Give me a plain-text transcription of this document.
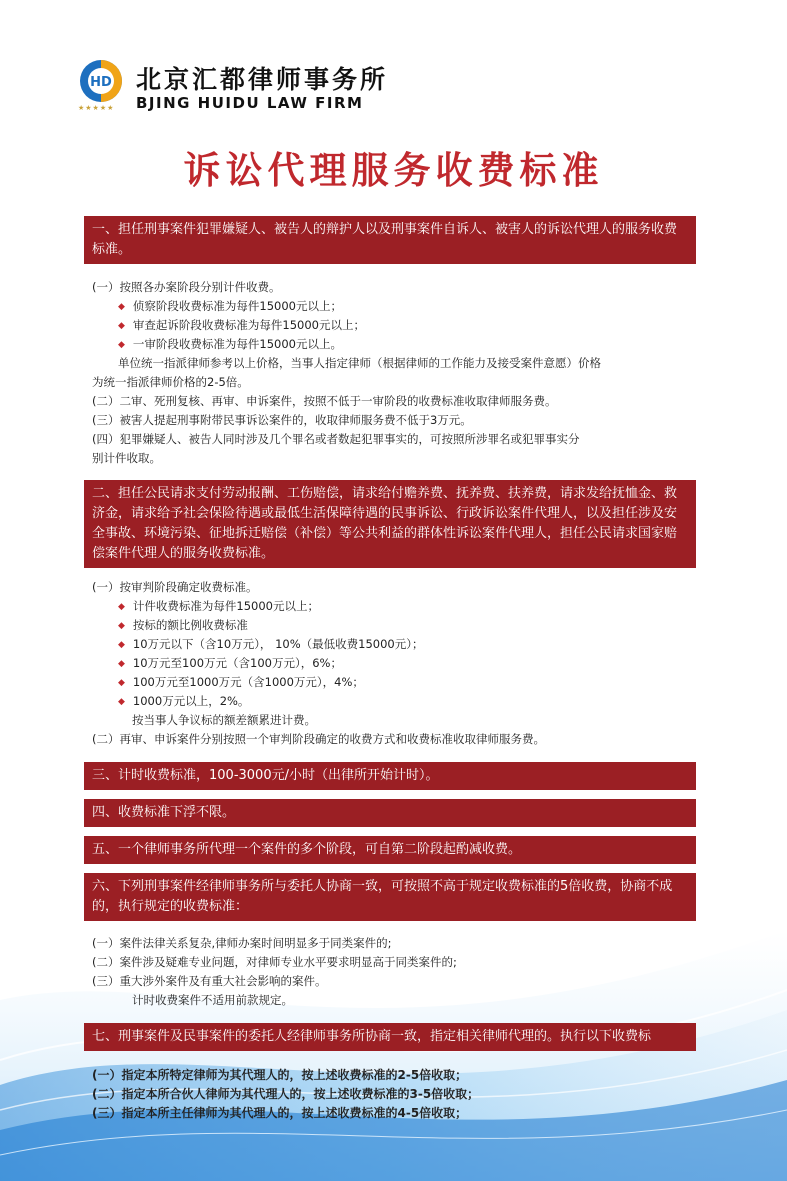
HD
★★★★★
北京汇都律师事务所
BJING HUIDU LAW FIRM
诉讼代理服务收费标准
一、担任刑事案件犯罪嫌疑人、被告人的辩护人以及刑事案件自诉人、被害人的诉讼代理人的服务收费标准。
(一）按照各办案阶段分别计件收费。
◆ 侦察阶段收费标准为每件15000元以上；
◆ 审查起诉阶段收费标准为每件15000元以上；
◆ 一审阶段收费标准为每件15000元以上。
单位统一指派律师参考以上价格，当事人指定律师（根据律师的工作能力及接受案件意愿）价格
为统一指派律师价格的2-5倍。
(二）二审、死刑复核、再审、申诉案件，按照不低于一审阶段的收费标准收取律师服务费。
(三）被害人提起刑事附带民事诉讼案件的，收取律师服务费不低于3万元。
(四）犯罪嫌疑人、被告人同时涉及几个罪名或者数起犯罪事实的，可按照所涉罪名或犯罪事实分
别计件收取。
二、担任公民请求支付劳动报酬、工伤赔偿，请求给付赡养费、抚养费、扶养费，请求发给抚恤金、救济金，请求给予社会保险待遇或最低生活保障待遇的民事诉讼、行政诉讼案件代理人，以及担任涉及安全事故、环境污染、征地拆迁赔偿（补偿）等公共利益的群体性诉讼案件代理人，担任公民请求国家赔偿案件代理人的服务收费标准。
(一）按审判阶段确定收费标准。
◆ 计件收费标准为每件15000元以上；
◆ 按标的额比例收费标准
◆ 10万元以下（含10万元）， 10%（最低收费15000元）；
◆ 10万元至100万元（含100万元），6%；
◆ 100万元至1000万元（含1000万元），4%；
◆ 1000万元以上，2%。
按当事人争议标的额差额累进计费。
(二）再审、申诉案件分别按照一个审判阶段确定的收费方式和收费标准收取律师服务费。
三、计时收费标准，100-3000元/小时（出律所开始计时）。
四、收费标准下浮不限。
五、一个律师事务所代理一个案件的多个阶段，可自第二阶段起酌减收费。
六、下列刑事案件经律师事务所与委托人协商一致，可按照不高于规定收费标准的5倍收费，协商不成的，执行规定的收费标准：
(一）案件法律关系复杂,律师办案时间明显多于同类案件的;
(二）案件涉及疑难专业问题，对律师专业水平要求明显高于同类案件的;
(三）重大涉外案件及有重大社会影响的案件。
计时收费案件不适用前款规定。
七、刑事案件及民事案件的委托人经律师事务所协商一致，指定相关律师代理的。执行以下收费标
(一）指定本所特定律师为其代理人的，按上述收费标准的2-5倍收取；
(二）指定本所合伙人律师为其代理人的，按上述收费标准的3-5倍收取；
(三）指定本所主任律师为其代理人的，按上述收费标准的4-5倍收取；
